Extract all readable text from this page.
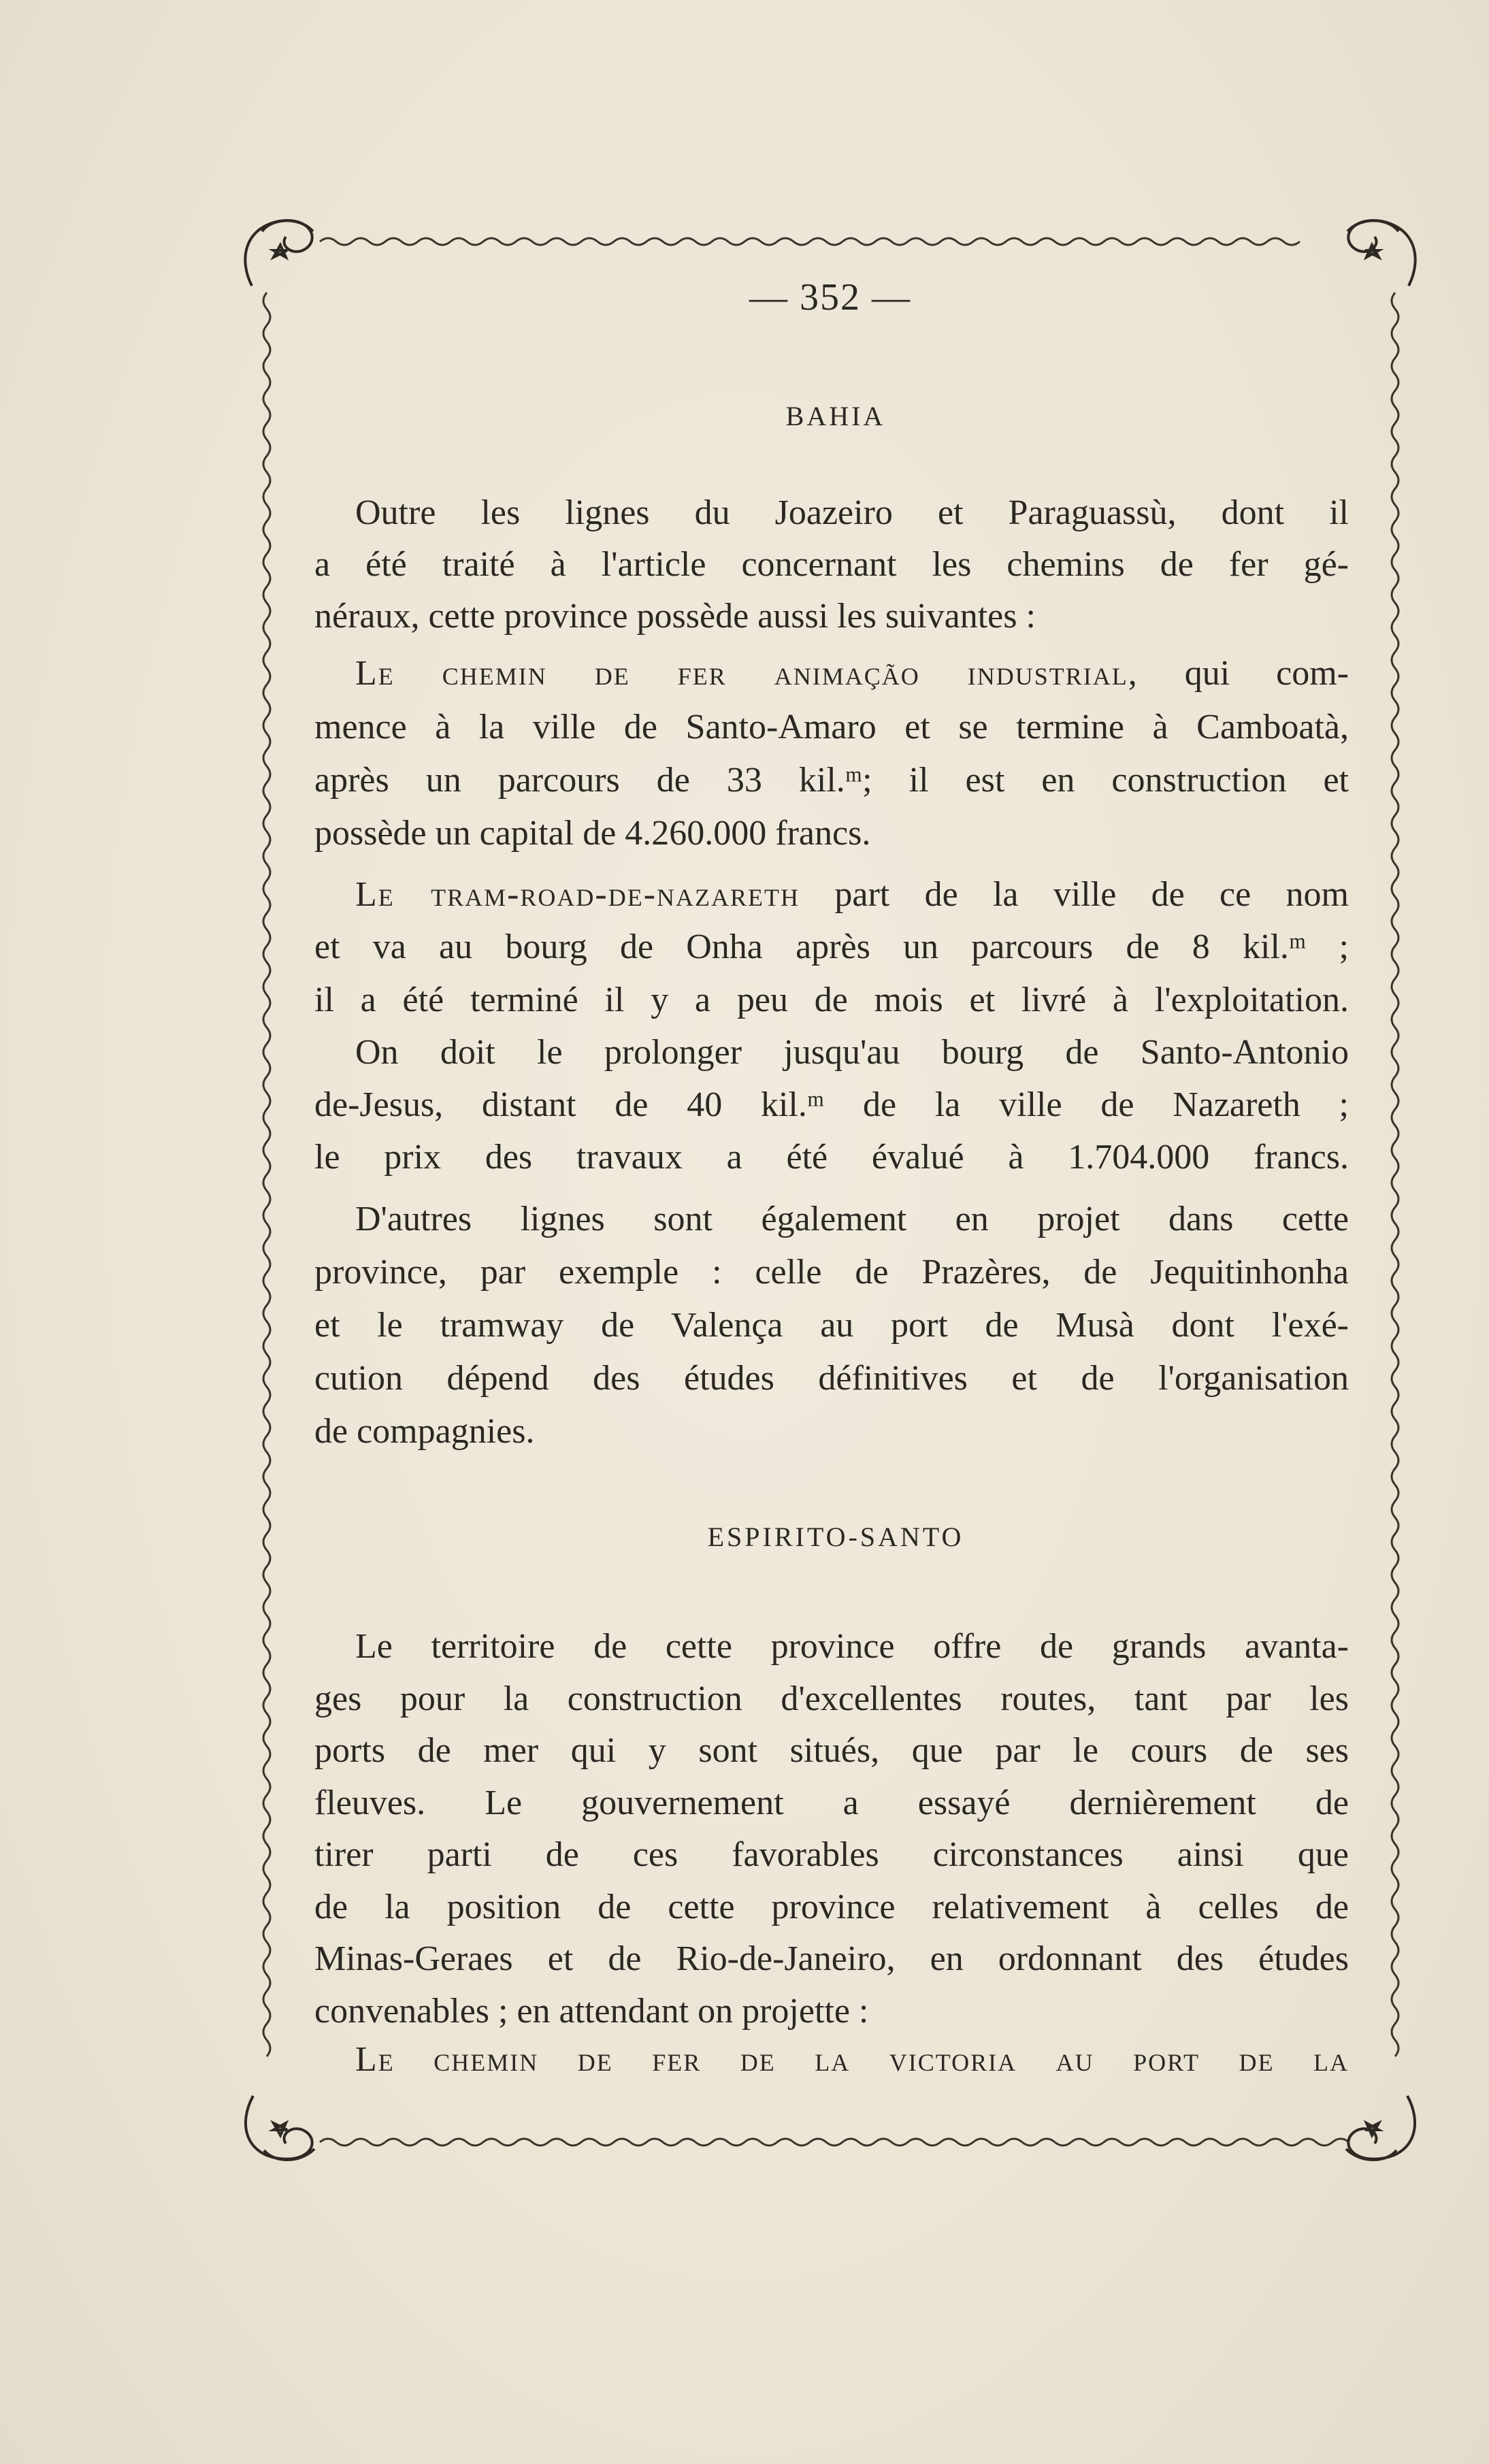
— 352 —
BAHIA
Outre les lignes du Joazeiro et Paraguassù, dont il
a été traité à l'article concernant les chemins de fer gé-
néraux, cette province possède aussi les suivantes :
Le chemin de fer animação industrial, qui com-
mence à la ville de Santo-Amaro et se termine à Camboatà,
après un parcours de 33 kil.ᵐ; il est en construction et
possède un capital de 4.260.000 francs.
Le tram-road-de-nazareth part de la ville de ce nom
et va au bourg de Onha après un parcours de 8 kil.ᵐ ;
il a été terminé il y a peu de mois et livré à l'exploitation.
On doit le prolonger jusqu'au bourg de Santo-Antonio
de-Jesus, distant de 40 kil.ᵐ de la ville de Nazareth ;
le prix des travaux a été évalué à 1.704.000 francs.
D'autres lignes sont également en projet dans cette
province, par exemple : celle de Prazères, de Jequitinhonha
et le tramway de Valença au port de Musà dont l'exé-
cution dépend des études définitives et de l'organisation
de compagnies.
ESPIRITO-SANTO
Le territoire de cette province offre de grands avanta-
ges pour la construction d'excellentes routes, tant par les
ports de mer qui y sont situés, que par le cours de ses
fleuves. Le gouvernement a essayé dernièrement de
tirer parti de ces favorables circonstances ainsi que
de la position de cette province relativement à celles de
Minas-Geraes et de Rio-de-Janeiro, en ordonnant des études
convenables ; en attendant on projette :
Le chemin de fer de la victoria au port de la
